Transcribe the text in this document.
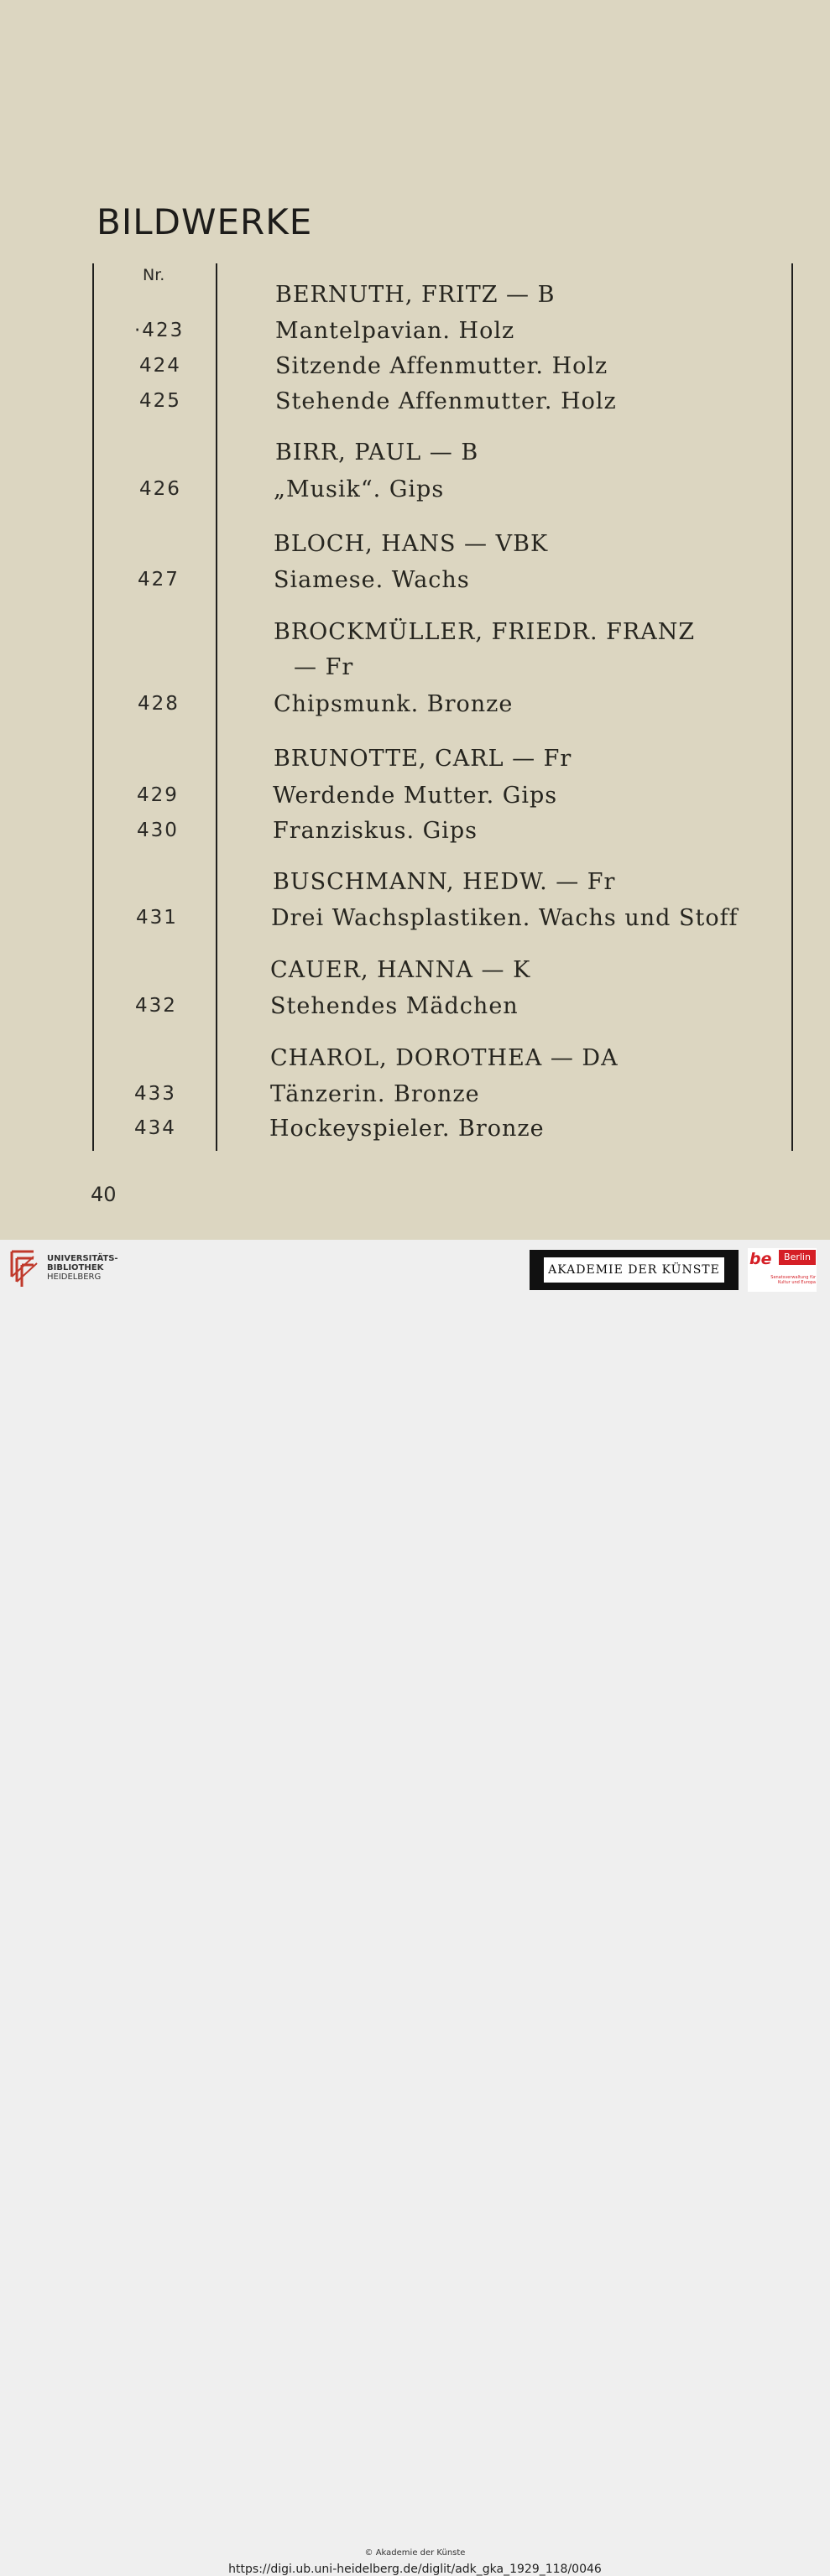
BILDWERKE
Nr.
BERNUTH, FRITZ — B
·423	Mantelpavian. Holz
424	Sitzende Affenmutter. Holz
425	Stehende Affenmutter. Holz
BIRR, PAUL — B
426	„Musik“. Gips
BLOCH, HANS — VBK
427	Siamese. Wachs
BROCKMÜLLER, FRIEDR. FRANZ
— Fr
428	Chipsmunk. Bronze
BRUNOTTE, CARL — Fr
429	Werdende Mutter. Gips
430	Franziskus. Gips
BUSCHMANN, HEDW. — Fr
431	Drei Wachsplastiken. Wachs und Stoff
CAUER, HANNA — K
432	Stehendes Mädchen
CHAROL, DOROTHEA — DA
433	Tänzerin. Bronze
434	Hockeyspieler. Bronze
40
UNIVERSITÄTS-
BIBLIOTHEK
HEIDELBERG
AKADEMIE DER KÜNSTE
be	Berlin
Senatsverwaltung für Kultur und Europa
© Akademie der Künste
https://digi.ub.uni-heidelberg.de/diglit/adk_gka_1929_118/0046
